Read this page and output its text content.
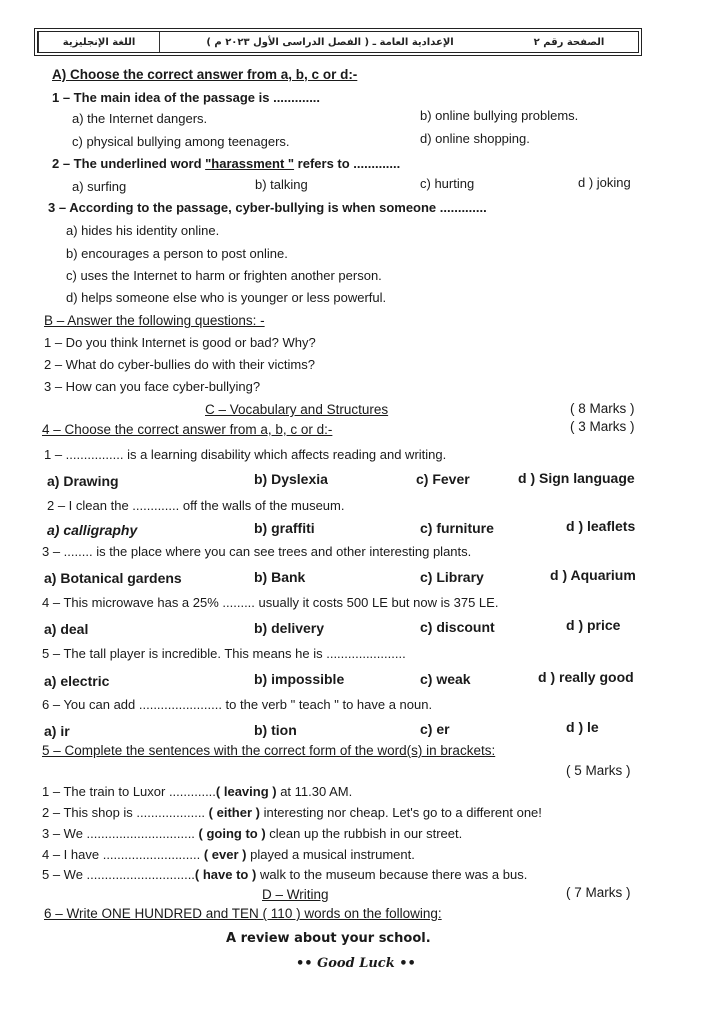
الصفحة رقم ٢
الإعدادية العامة ـ ( الفصل الدراسى الأول ٢٠٢٣ م )
اللغة الإنجليزية
A) Choose the correct answer from a, b, c or d:-
1 – The main idea of the passage is .............
a) the Internet dangers.	b) online bullying problems.
c) physical bullying among teenagers.	d) online shopping.
2 – The underlined word "harassment " refers to .............
a) surfing	b) talking	c) hurting	d ) joking
3 – According to the passage, cyber-bullying is when someone .............
a) hides his identity online.
b) encourages a person to post online.
c) uses the Internet to harm or frighten another person.
d) helps someone else who is younger or less powerful.
B – Answer the following questions: -
1 – Do you think Internet is good or bad? Why?
2 – What do cyber-bullies do with their victims?
3 – How can you face cyber-bullying?
C – Vocabulary and Structures	( 8 Marks )
4 – Choose the correct answer from a, b, c or d:-	( 3 Marks )
1 – ................ is a learning disability which affects reading and writing.
a) Drawing	b) Dyslexia	c) Fever	d ) Sign language
2 – I clean the ............. off the walls of the museum.
a) calligraphy	b) graffiti	c) furniture	d ) leaflets
3 – ........ is the place where you can see trees and other interesting plants.
a) Botanical gardens	b) Bank	c) Library	d ) Aquarium
4 – This microwave has a 25% ......... usually it costs 500 LE but now is 375 LE.
a) deal	b) delivery	c) discount	d ) price
5 – The tall player is incredible. This means he is ......................
a) electric	b) impossible	c) weak	d ) really good
6 – You can add ....................... to the verb " teach " to have a noun.
a) ir	b) tion	c) er	d ) le
5 – Complete the sentences with the correct form of the word(s) in brackets:
( 5 Marks )
1 – The train to Luxor .............( leaving ) at 11.30 AM.
2 – This shop is ................... ( either ) interesting nor cheap. Let's go to a different one!
3 – We .............................. ( going to ) clean up the rubbish in our street.
4 – I have ........................... ( ever ) played a musical instrument.
5 – We ..............................( have to ) walk to the museum because there was a bus.
D – Writing	( 7 Marks )
6 – Write ONE HUNDRED and TEN ( 110 ) words on the following:
A review about your school.
•• Good Luck ••
